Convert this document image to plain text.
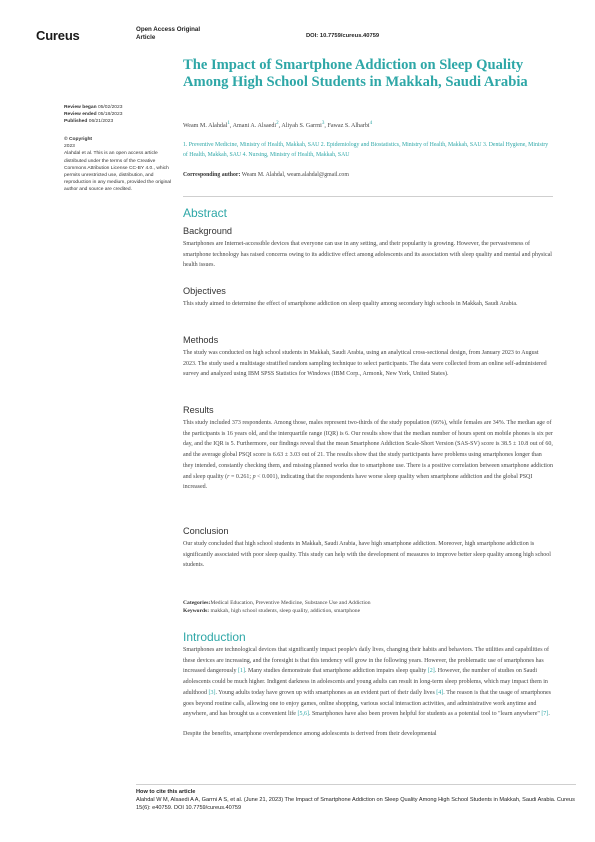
Cureus	Open Access Original
Article	DOI: 10.7759/cureus.40759
The Impact of Smartphone Addiction on Sleep Quality Among High School Students in Makkah, Saudi Arabia
Review began 05/02/2023
Review ended 05/18/2023
Published 06/21/2023
© Copyright
2023
Alahdal et al. This is an open access article distributed under the terms of the Creative Commons Attribution License CC-BY 4.0., which permits unrestricted use, distribution, and reproduction in any medium, provided the original author and source are credited.
Weam M. Alahdal$^1$, Amani A. Alsaedi$^2$, Aliyah S. Garrni$^3$, Fawaz S. Alharbi$^4$
1. Preventive Medicine, Ministry of Health, Makkah, SAU 2. Epidemiology and Biostatistics, Ministry of Health, Makkah, SAU 3. Dental Hygiene, Ministry of Health, Makkah, SAU 4. Nursing, Ministry of Health, Makkah, SAU
Corresponding author: Weam M. Alahdal, weam.alahdal@gmail.com
Abstract
Background

Smartphones are Internet-accessible devices that everyone can use in any setting, and their popularity is growing. However, the pervasiveness of smartphone technology has raised concerns owing to its addictive effect among adolescents and its association with sleep quality and mental and physical health issues.

Objectives

This study aimed to determine the effect of smartphone addiction on sleep quality among secondary high schools in Makkah, Saudi Arabia.

Methods

The study was conducted on high school students in Makkah, Saudi Arabia, using an analytical cross-sectional design, from January 2023 to August 2023. The study used a multistage stratified random sampling technique to select participants. The data were collected from an online self-administered survey and analyzed using IBM SPSS Statistics for Windows (IBM Corp., Armonk, New York, United States).

Results

This study included 373 respondents. Among those, males represent two-thirds of the study population (66%), while females are 34%. The median age of the participants is 16 years old, and the interquartile range (IQR) is 6. Our results show that the median number of hours spent on mobile phones is six per day, and the IQR is 5. Furthermore, our findings reveal that the mean Smartphone Addiction Scale-Short Version (SAS-SV) score is 38.5 ± 10.8 out of 60, and the average global PSQI score is 6.63 ± 3.03 out of 21. The results show that the study participants have problems using smartphones longer than they intended, constantly checking them, and missing planned works due to smartphone use. There is a positive correlation between smartphone addiction and sleep quality (r = 0.261; p < 0.001), indicating that the respondents have worse sleep quality when smartphone addiction and the global PSQI increased.

Conclusion

Our study concluded that high school students in Makkah, Saudi Arabia, have high smartphone addiction. Moreover, high smartphone addiction is significantly associated with poor sleep quality. This study can help with the development of measures to improve better sleep quality among high school students.

Categories:Medical Education, Preventive Medicine, Substance Use and Addiction
Keywords: makkah, high school students, sleep quality, addiction, smartphone
Introduction

Smartphones are technological devices that significantly impact people's daily lives, changing their habits and behaviors. The utilities and capabilities of these devices are increasing, and the foresight is that this tendency will grow in the following years. However, the problematic use of smartphones has increased dangerously [1]. Many studies demonstrate that smartphone addiction impairs sleep quality [2]. However, the number of studies on Saudi adolescents could be much higher. Indigent darkness in adolescents and young adults can result in long-term sleep problems, which may impact them in adulthood [3]. Young adults today have grown up with smartphones as an evident part of their daily lives [4]. The reason is that the usage of smartphones goes beyond routine calls, allowing one to enjoy games, online shopping, various social interaction activities, and administrative work anytime and anywhere, and has brought us a convenient life [5,6]. Smartphones have also been proven helpful for students as a potential tool to "learn anywhere" [7].

Despite the benefits, smartphone overdependence among adolescents is derived from their developmental

How to cite this article
Alahdal W M, Alsaedi A A, Garrni A S, et al. (June 21, 2023) The Impact of Smartphone Addiction on Sleep Quality Among High School Students in Makkah, Saudi Arabia. Cureus 15(6): e40759. DOI 10.7759/cureus.40759
